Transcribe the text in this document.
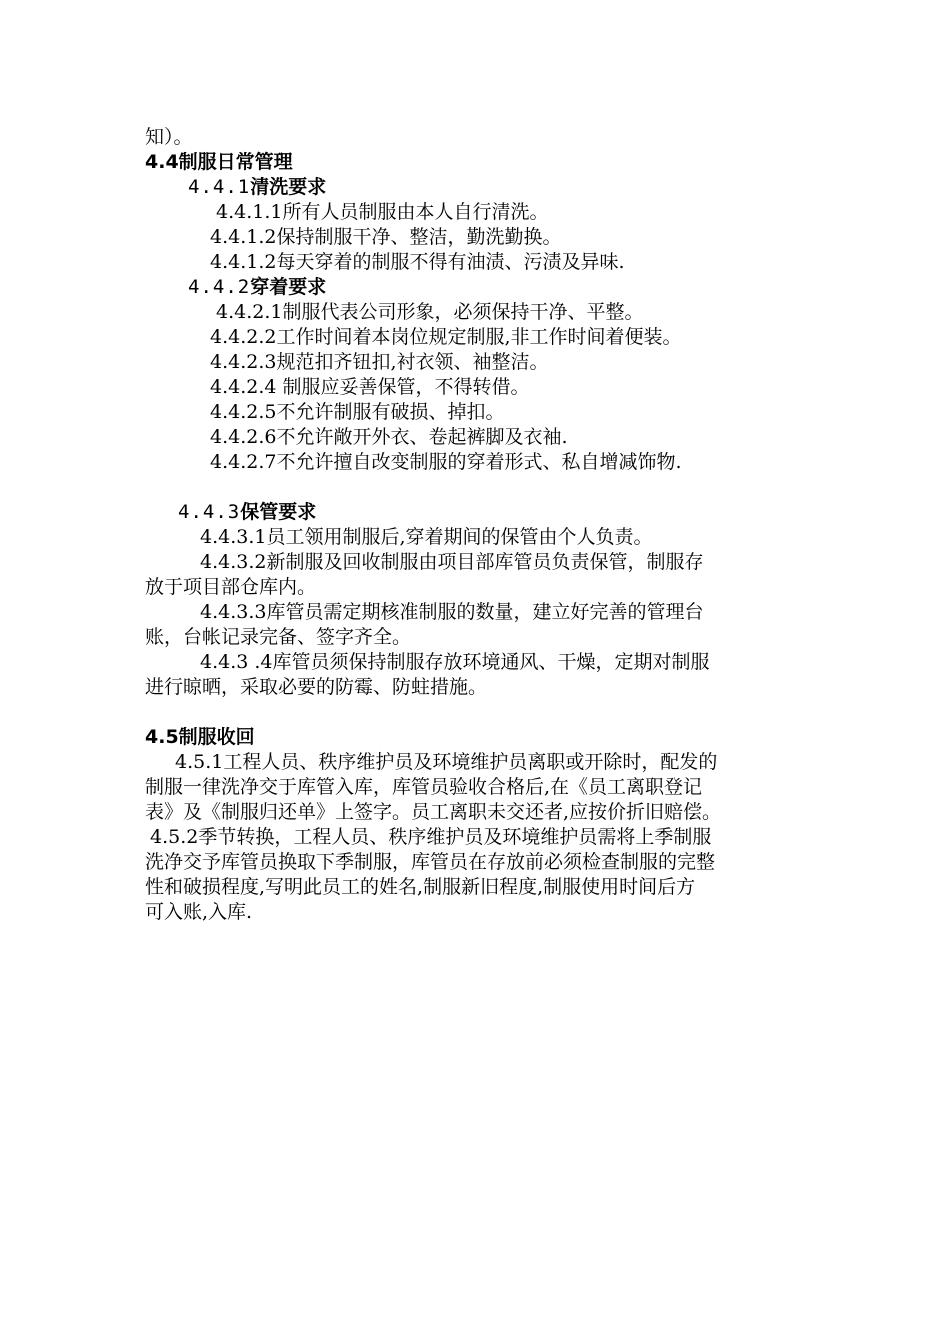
知）。
4.4制服日常管理
4.4.1清洗要求
4.4.1.1所有人员制服由本人自行清洗。
4.4.1.2保持制服干净、整洁，勤洗勤换。
4.4.1.2每天穿着的制服不得有油渍、污渍及异味.
4.4.2穿着要求
4.4.2.1制服代表公司形象，必须保持干净、平整。
4.4.2.2工作时间着本岗位规定制服,非工作时间着便装。
4.4.2.3规范扣齐钮扣,衬衣领、袖整洁。
4.4.2.4 制服应妥善保管，不得转借。
4.4.2.5不允许制服有破损、掉扣。
4.4.2.6不允许敞开外衣、卷起裤脚及衣袖.
4.4.2.7不允许擅自改变制服的穿着形式、私自增减饰物.
4.4.3保管要求
4.4.3.1员工领用制服后,穿着期间的保管由个人负责。
4.4.3.2新制服及回收制服由项目部库管员负责保管，制服存
放于项目部仓库内。
4.4.3.3库管员需定期核准制服的数量，建立好完善的管理台
账，台帐记录完备、签字齐全。
4.4.3 .4库管员须保持制服存放环境通风、干燥，定期对制服
进行晾晒，采取必要的防霉、防蛀措施。
4.5制服收回
4.5.1工程人员、秩序维护员及环境维护员离职或开除时，配发的
制服一律洗净交于库管入库，库管员验收合格后,在《员工离职登记
表》及《制服归还单》上签字。员工离职未交还者,应按价折旧赔偿。
4.5.2季节转换，工程人员、秩序维护员及环境维护员需将上季制服
洗净交予库管员换取下季制服，库管员在存放前必须检查制服的完整
性和破损程度,写明此员工的姓名,制服新旧程度,制服使用时间后方
可入账,入库.
